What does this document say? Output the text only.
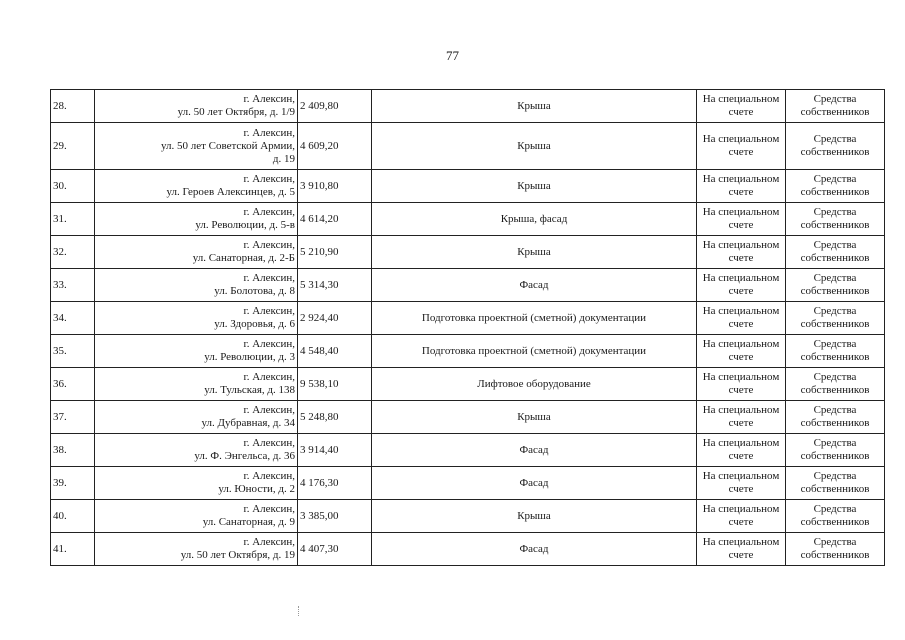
77
28.	г. Алексин,
ул. 50 лет Октября, д. 1/9	2 409,80	Крыша	На специальном
счете	Средства
собственников

29.	г. Алексин,
ул. 50 лет Советской Армии,
д. 19	4 609,20	Крыша	На специальном
счете	Средства
собственников

30.	г. Алексин,
ул. Героев Алексинцев, д. 5	3 910,80	Крыша	На специальном
счете	Средства
собственников

31.	г. Алексин,
ул. Революции, д. 5-в	4 614,20	Крыша, фасад	На специальном
счете	Средства
собственников

32.	г. Алексин,
ул. Санаторная, д. 2-Б	5 210,90	Крыша	На специальном
счете	Средства
собственников

33.	г. Алексин,
ул. Болотова, д. 8	5 314,30	Фасад	На специальном
счете	Средства
собственников

34.	г. Алексин,
ул. Здоровья, д. 6	2 924,40	Подготовка проектной (сметной) документации	На специальном
счете	Средства
собственников

35.	г. Алексин,
ул. Революции, д. 3	4 548,40	Подготовка проектной (сметной) документации	На специальном
счете	Средства
собственников

36.	г. Алексин,
ул. Тульская, д. 138	9 538,10	Лифтовое оборудование	На специальном
счете	Средства
собственников

37.	г. Алексин,
ул. Дубравная, д. 34	5 248,80	Крыша	На специальном
счете	Средства
собственников

38.	г. Алексин,
ул. Ф. Энгельса, д. 36	3 914,40	Фасад	На специальном
счете	Средства
собственников

39.	г. Алексин,
ул. Юности, д. 2	4 176,30	Фасад	На специальном
счете	Средства
собственников

40.	г. Алексин,
ул. Санаторная, д. 9	3 385,00	Крыша	На специальном
счете	Средства
собственников

41.	г. Алексин,
ул. 50 лет Октября, д. 19	4 407,30	Фасад	На специальном
счете	Средства
собственников
